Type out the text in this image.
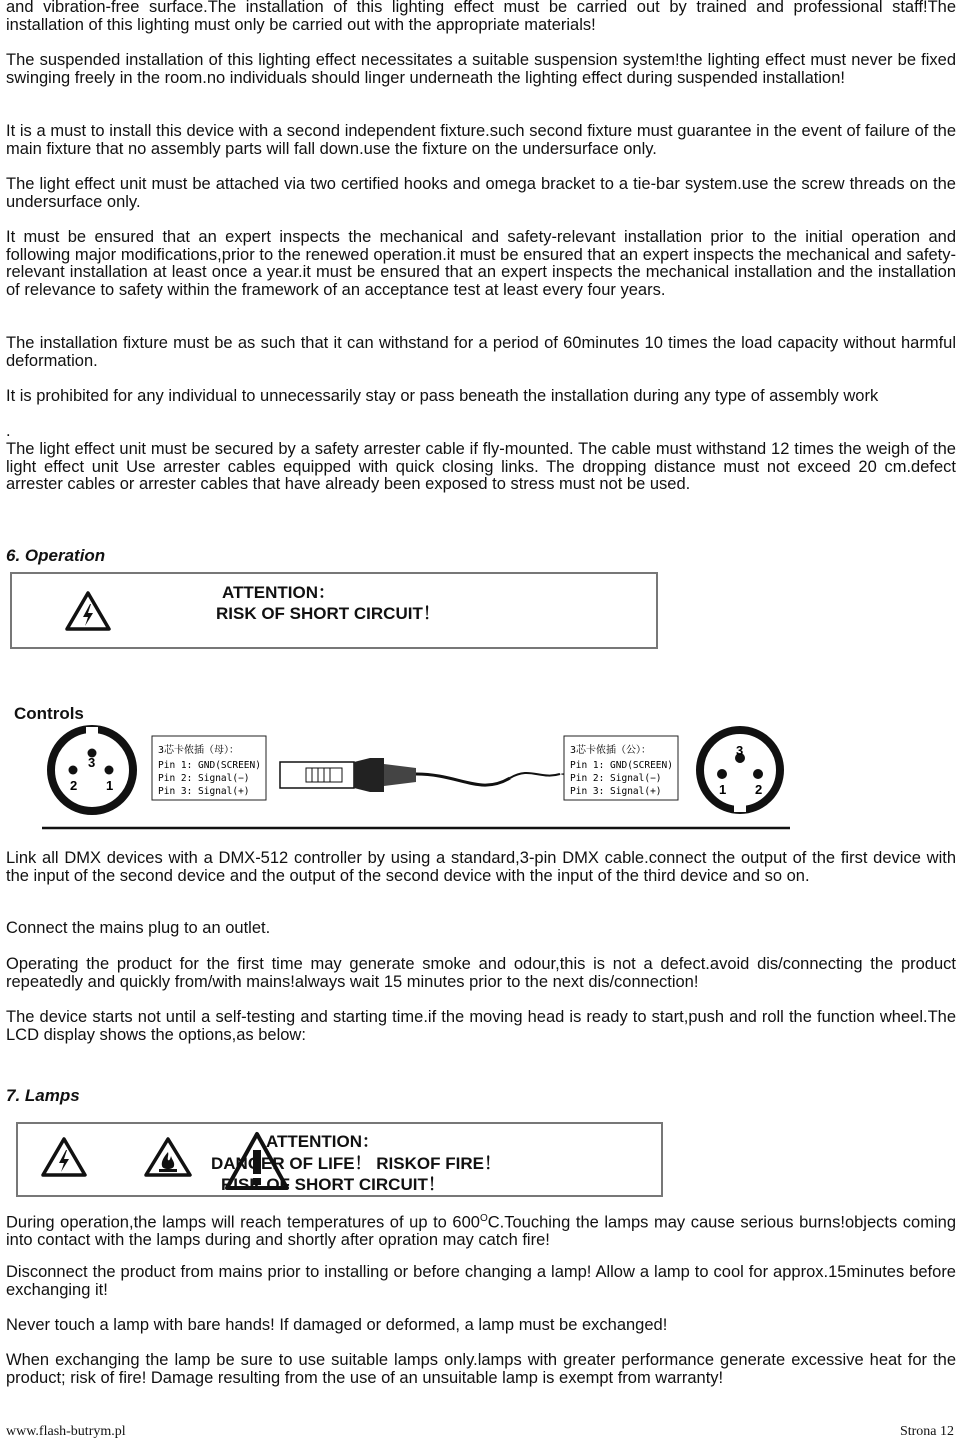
and vibration-free surface.The installation of this lighting effect must be carried out by trained and professional staff!The installation of this lighting must only be carried out with the appropriate materials!

The suspended installation of this lighting effect necessitates a suitable suspension system!the lighting effect must never be fixed swinging freely in the room.no individuals should linger underneath the lighting effect during suspended installation!

It is a must to install this device with a second independent fixture.such second fixture must guarantee in the event of failure of the main fixture that no assembly parts will fall down.use the fixture on the undersurface only.

The light effect unit must be attached via two certified hooks and omega bracket to a tie-bar system.use the screw threads on the undersurface only.

It must be ensured that an expert inspects the mechanical and safety-relevant installation prior to the initial operation and following major modifications,prior to the renewed operation.it must be ensured that an expert inspects the mechanical and safety-relevant installation at least once a year.it must be ensured that an expert inspects the mechanical installation and the installation of relevance to safety within the framework of an acceptance test at least every four years.

The installation fixture must be as such that it can withstand for a period of 60minutes 10 times the load capacity without harmful deformation.

It is prohibited for any individual to unnecessarily stay or pass beneath the installation during any type of assembly work

.

The light effect unit must be secured by a safety arrester cable if fly-mounted. The cable must withstand 12 times the weigh of the light effect unit Use arrester cables equipped with quick closing links. The dropping distance must not exceed 20 cm.defect arrester cables or arrester cables that have already been exposed to stress must not be used.

6. Operation
ATTENTION：
RISK OF SHORT CIRCUIT！
Controls
3
2 1
3芯卡侬插（母）：
Pin 1: GND(SCREEN)
Pin 2: Signal(−)
Pin 3: Signal(+)
3芯卡侬插（公）：
Pin 1: GND(SCREEN)
Pin 2: Signal(−)
Pin 3: Signal(+)
3
1 2

Link all DMX devices with a DMX-512 controller by using a standard,3-pin DMX cable.connect the output of the first device with the input of the second device and the output of the second device with the input of the third device and so on.

Connect the mains plug to an outlet.

Operating the product for the first time may generate smoke and odour,this is not a defect.avoid dis/connecting the product repeatedly and quickly from/with mains!always wait 15 minutes prior to the next dis/connection!

The device starts not until a self-testing and starting time.if the moving head is ready to start,push and roll the function wheel.The LCD display shows the options,as below:

7. Lamps
ATTENTION：
DANGER OF LIFE！ RISKOF FIRE！
RISK OF SHORT CIRCUIT！

During operation,the lamps will reach temperatures of up to $600^OC.Touching$ the lamps may cause serious burns!objects coming into contact with the lamps during and shortly after opration may catch fire!

Disconnect the product from mains prior to installing or before changing a lamp! Allow a lamp to cool for approx.15minutes before exchanging it!

Never touch a lamp with bare hands! If damaged or deformed, a lamp must be exchanged!

When exchanging the lamp be sure to use suitable lamps only.lamps with greater performance generate excessive heat for the product; risk of fire! Damage resulting from the use of an unsuitable lamp is exempt from warranty!

www.flash-butrym.pl	Strona 12
